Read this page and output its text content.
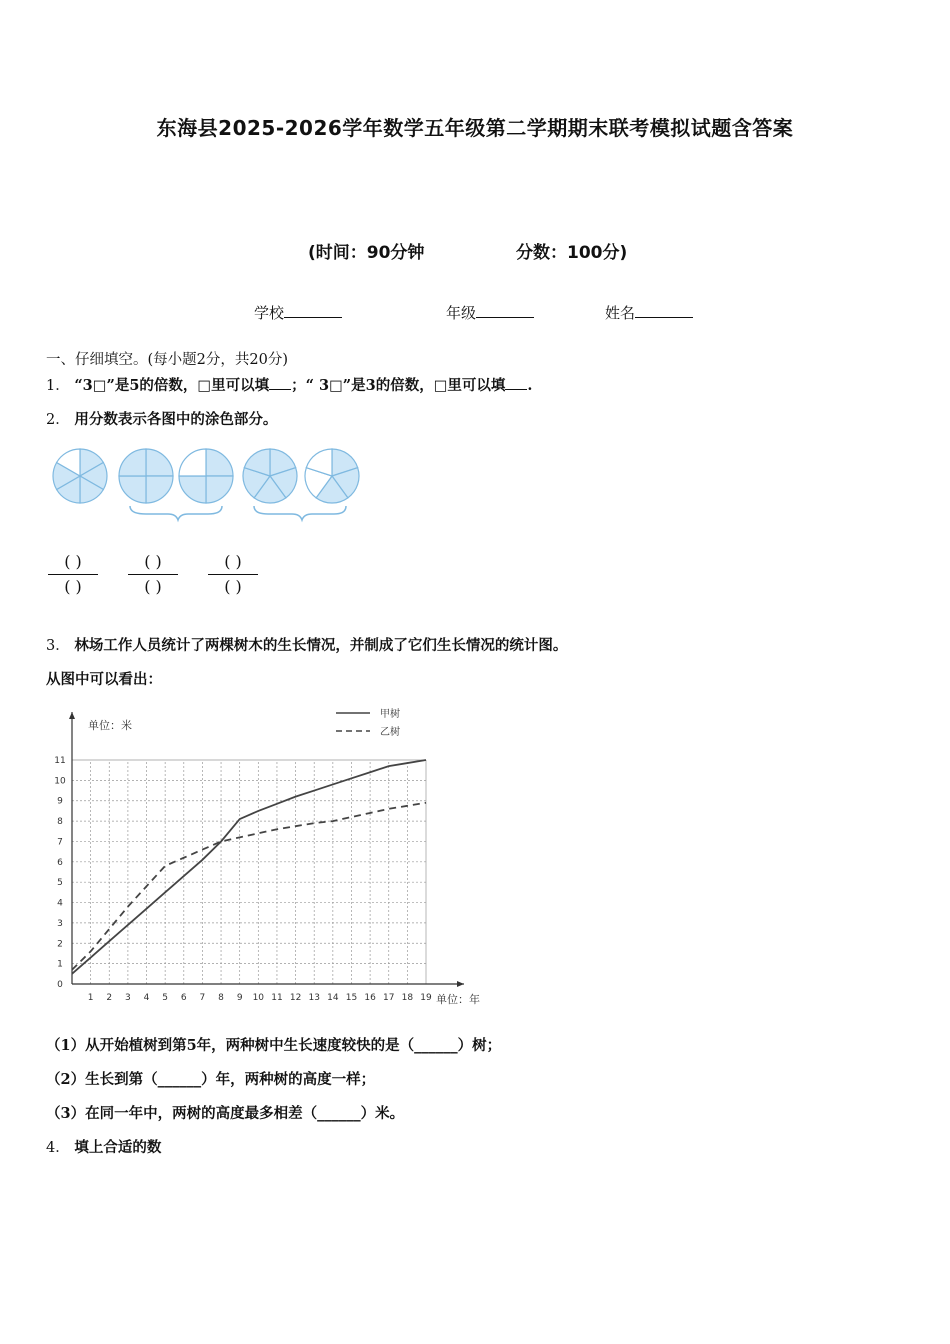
东海县2025-2026学年数学五年级第二学期期末联考模拟试题含答案
(时间：90分钟	分数：100分)
学校	年级	姓名
一、仔细填空。(每小题2分，共20分)
1． “3□”是5的倍数，□里可以填 ；“ 3□”是3的倍数，□里可以填 .
2． 用分数表示各图中的涂色部分。
( )
( )
( )
( )
( )
( )
3． 林场工作人员统计了两棵树木的生长情况，并制成了它们生长情况的统计图。
从图中可以看出：
1 2 3 4 5 6 7 8 9 10 11 12 13 14 15 16 17 18 19
0
1
2
3
4
5
6
7
8
9
10
11
单位：米
单位：年
甲树
乙树
（1）从开始植树到第5年，两种树中生长速度较快的是（______）树；
（2）生长到第（______）年，两种树的高度一样；
（3）在同一年中，两树的高度最多相差（______）米。
4． 填上合适的数
